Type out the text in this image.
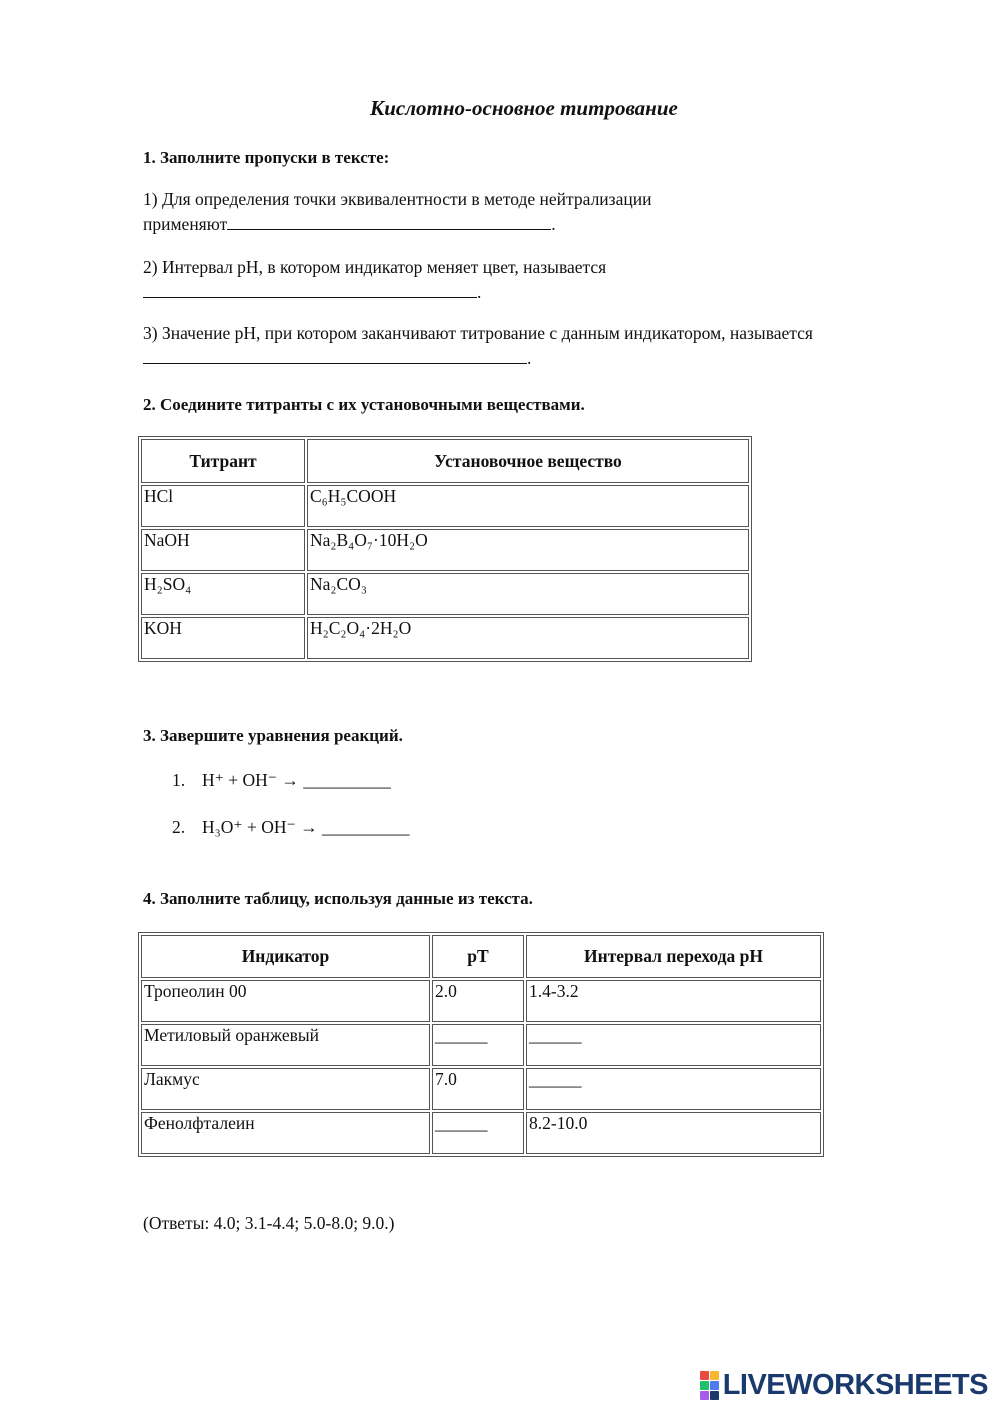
Кислотно-основное титрование
1. Заполните пропуски в тексте:
1) Для определения точки эквивалентности в методе нейтрализации
применяют	.
2) Интервал pH, в котором индикатор меняет цвет, называется
.
3) Значение pH, при котором заканчивают титрование с данным индикатором, называется
.
2. Соедините титранты с их установочными веществами.
Титрант	Установочное вещество
HCl	C₆H₅COOH
NaOH	Na₂B₄O₇·10H₂O
H₂SO₄	Na₂CO₃
KOH	H₂C₂O₄·2H₂O
3. Завершите уравнения реакций.
1. H⁺ + OH⁻ → __________
2. H₃O⁺ + OH⁻ → __________
4. Заполните таблицу, используя данные из текста.
Индикатор	pT	Интервал перехода pH
Тропеолин 00	2.0	1.4-3.2
Метиловый оранжевый	______	______
Лакмус	7.0	______
Фенолфталеин	______	8.2-10.0
(Ответы: 4.0; 3.1-4.4; 5.0-8.0; 9.0.)
LIVEWORKSHEETS
